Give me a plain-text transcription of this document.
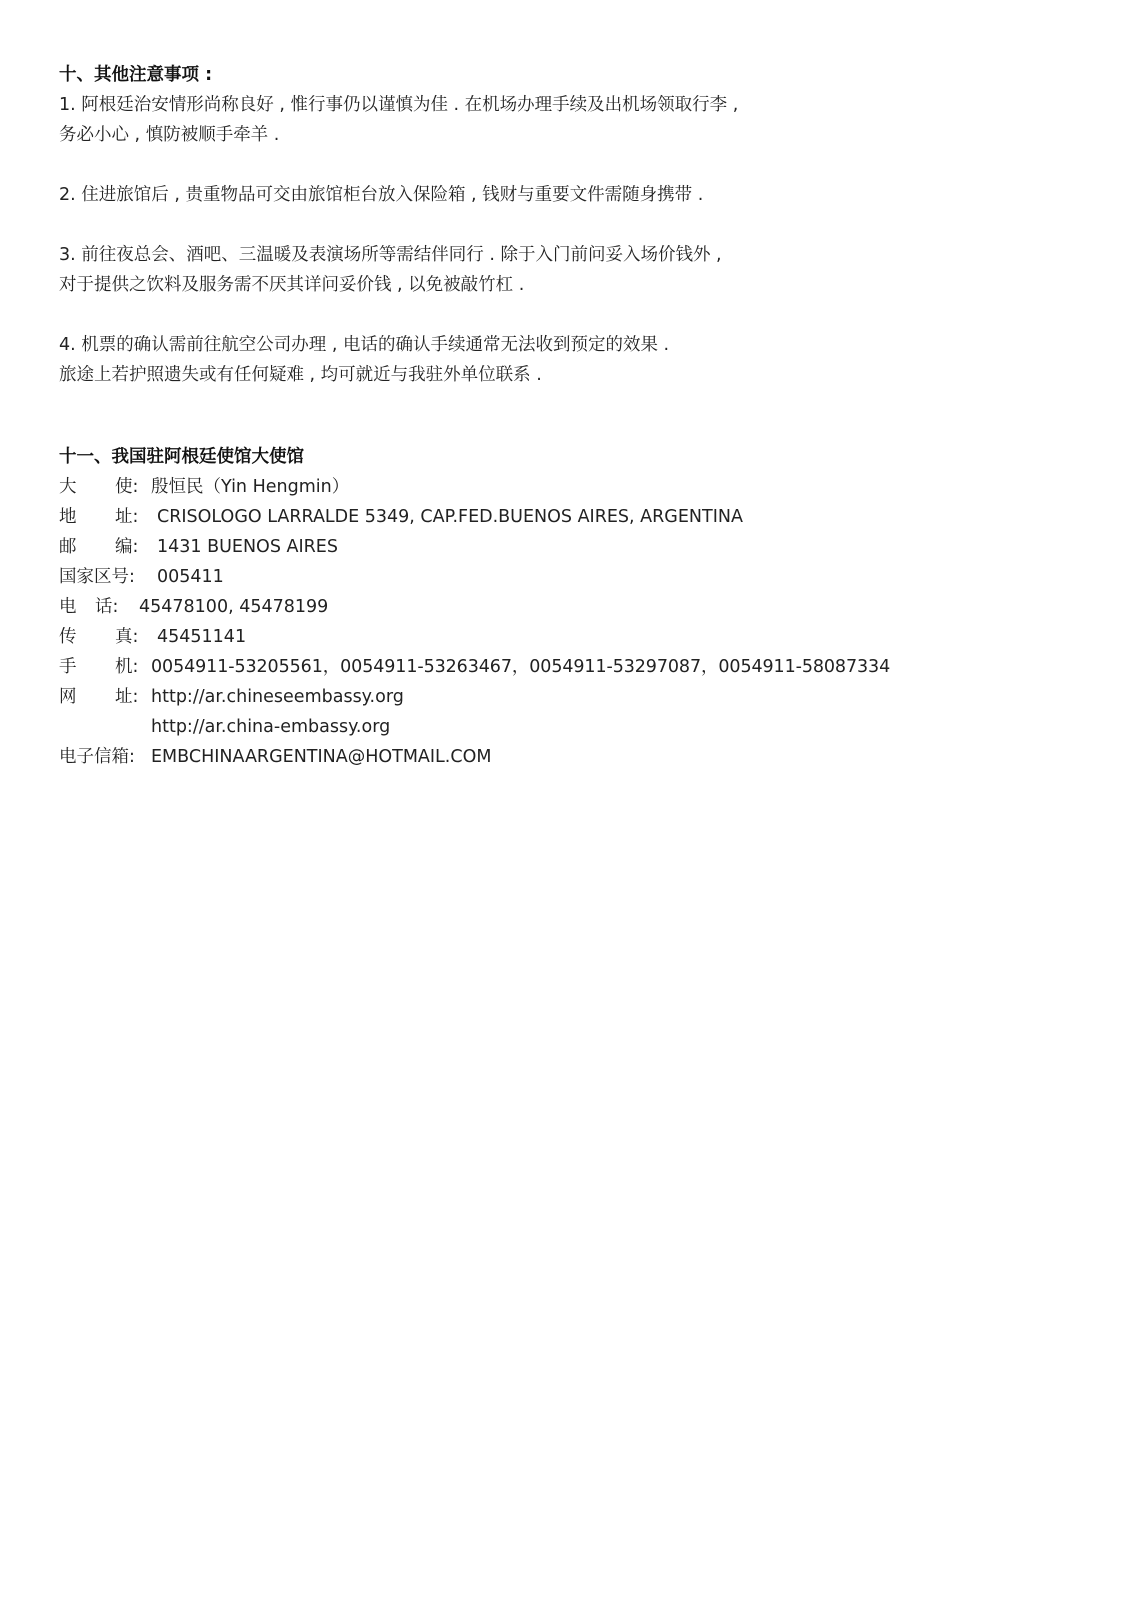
十、其他注意事项 :
1. 阿根廷治安情形尚称良好 , 惟行事仍以谨慎为佳 . 在机场办理手续及出机场领取行李 ,
务必小心 , 慎防被顺手牵羊 .
2. 住进旅馆后 , 贵重物品可交由旅馆柜台放入保险箱 , 钱财与重要文件需随身携带 .
3. 前往夜总会、酒吧、三温暖及表演场所等需结伴同行 . 除于入门前问妥入场价钱外 ,
对于提供之饮料及服务需不厌其详问妥价钱 , 以免被敲竹杠 .
4. 机票的确认需前往航空公司办理 , 电话的确认手续通常无法收到预定的效果 .
旅途上若护照遗失或有任何疑难 , 均可就近与我驻外单位联系 .
十一、我国驻阿根廷使馆大使馆
大 使: 殷恒民（Yin Hengmin）
地 址: CRISOLOGO LARRALDE 5349, CAP.FED.BUENOS AIRES, ARGENTINA
邮 编: 1431 BUENOS AIRES
国家区号: 005411
电 话: 45478100, 45478199
传 真: 45451141
手 机: 0054911-53205561，0054911-53263467，0054911-53297087，0054911-58087334
网 址: http://ar.chineseembassy.org
http://ar.china-embassy.org
电子信箱: EMBCHINAARGENTINA@HOTMAIL.COM
